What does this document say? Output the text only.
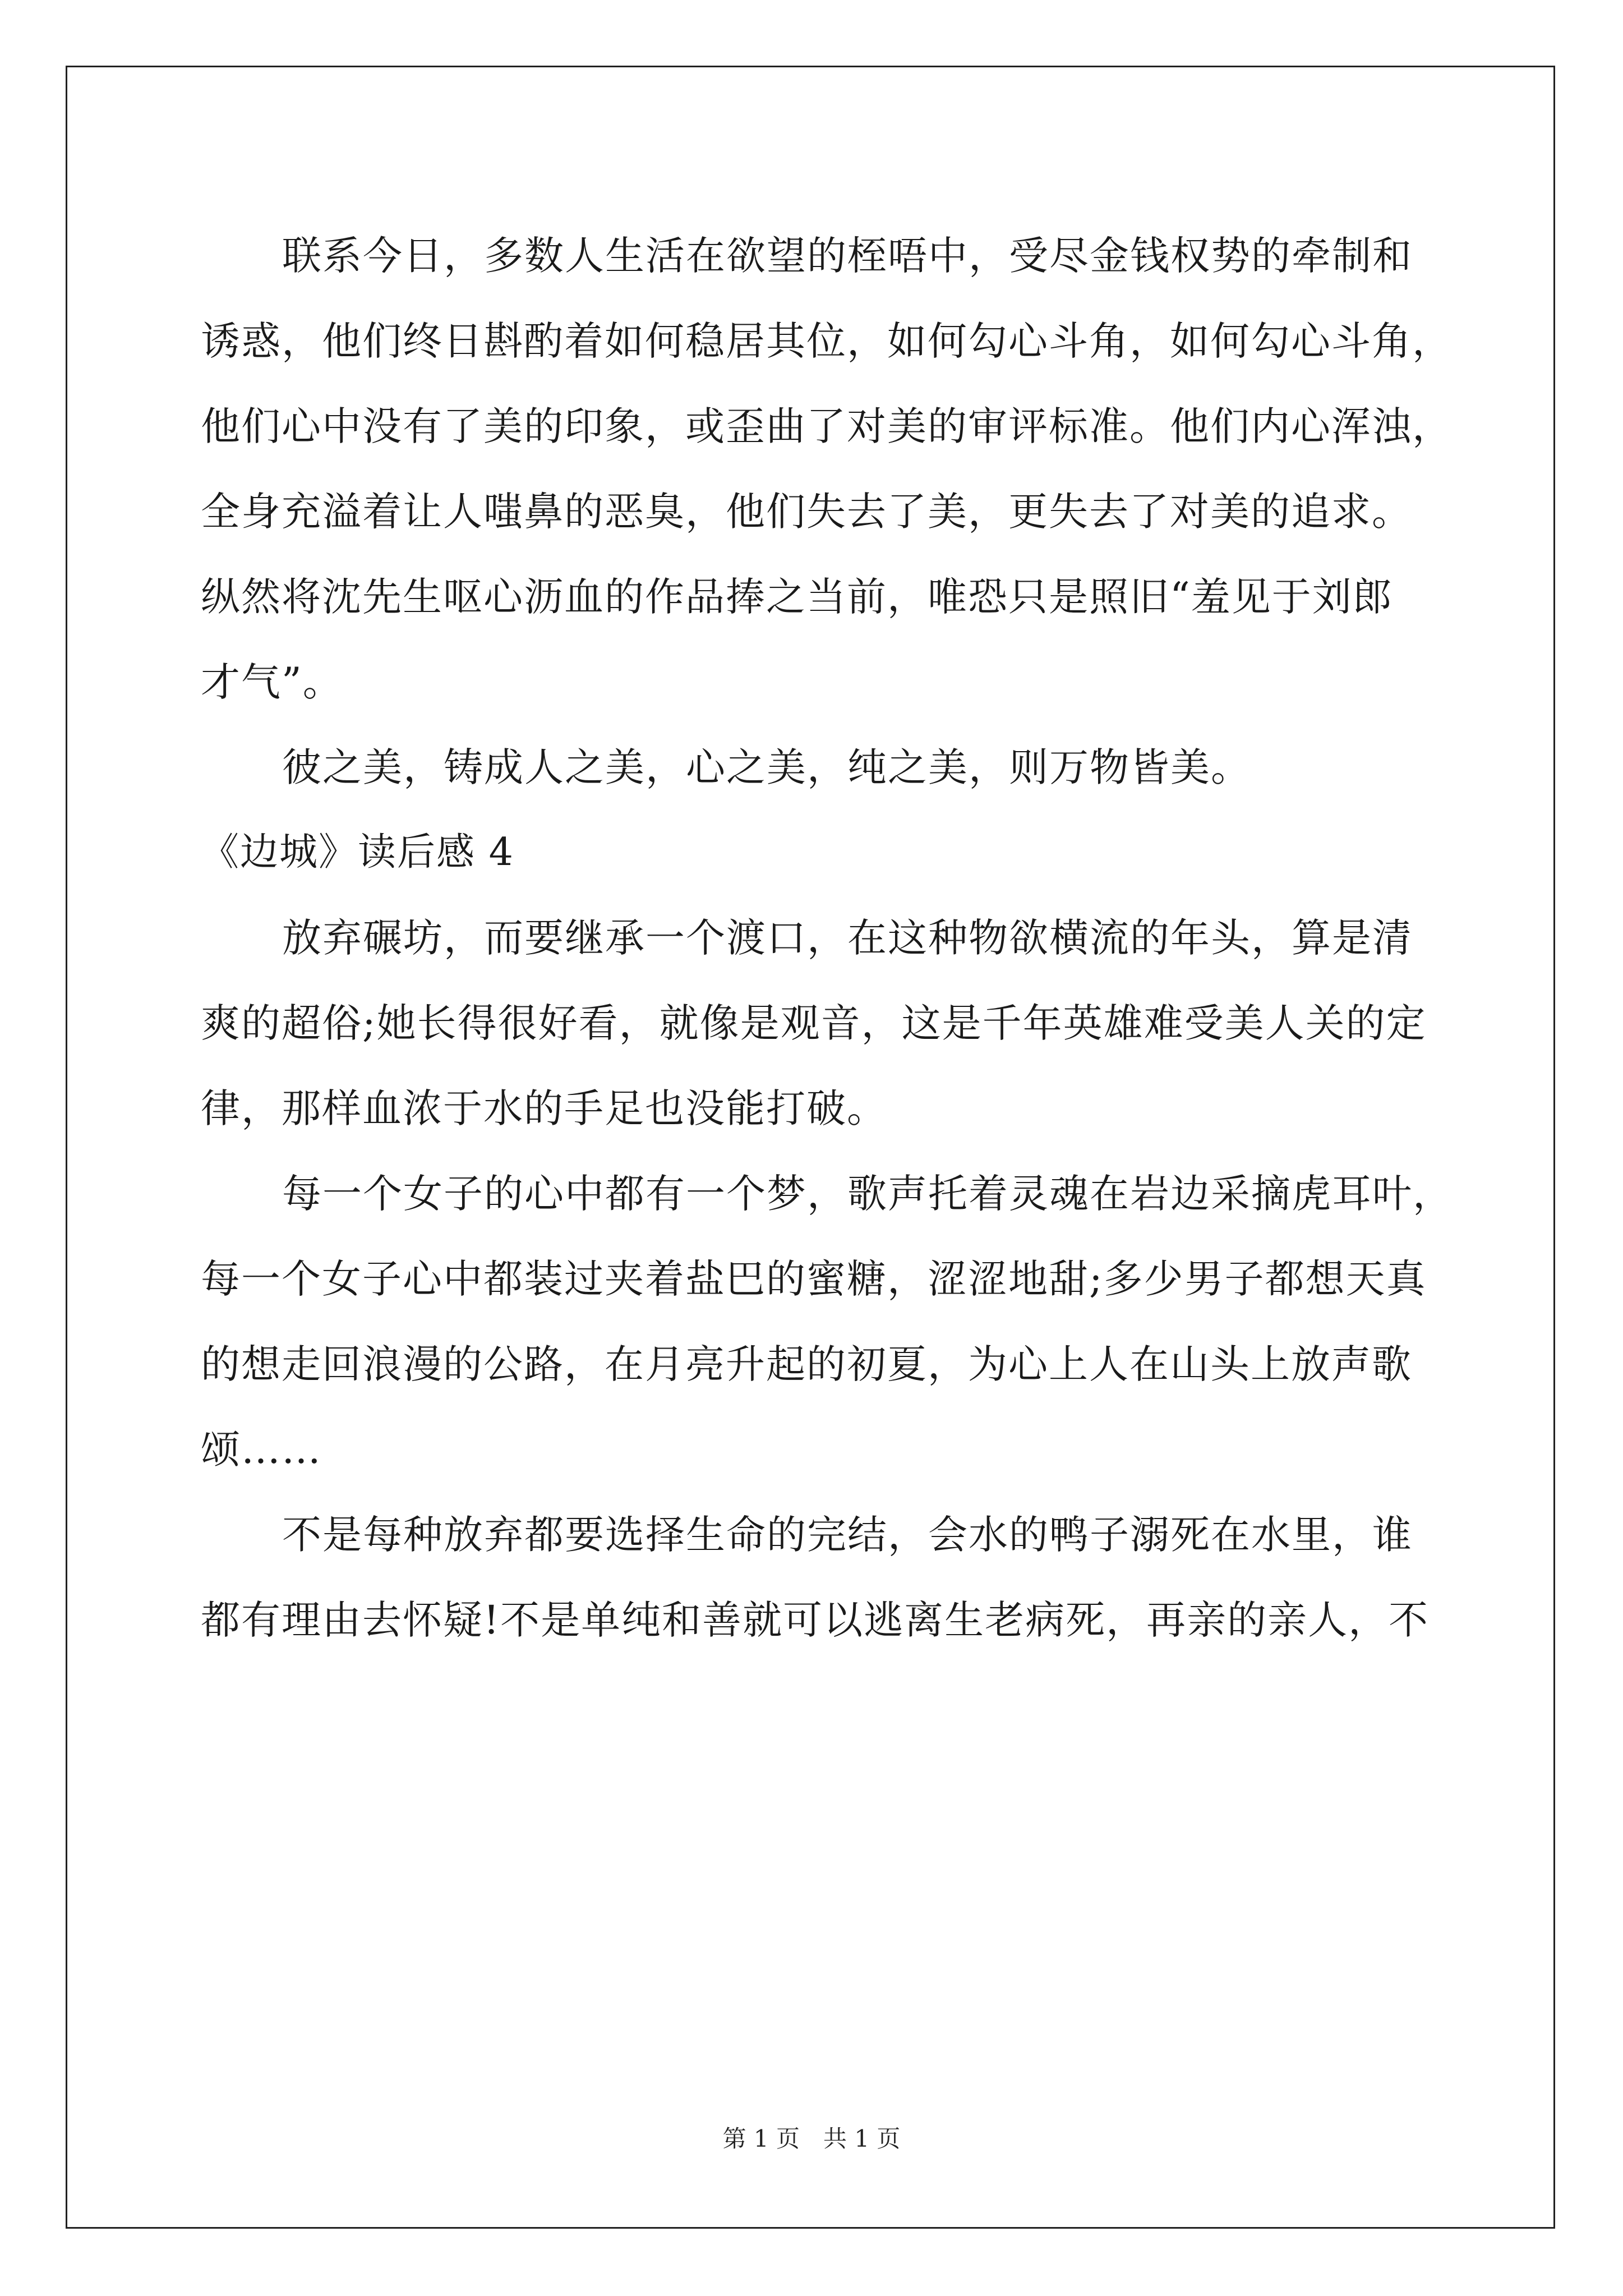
联系今日，多数人生活在欲望的桎唔中，受尽金钱权势的牵制和
诱惑，他们终日斟酌着如何稳居其位，如何勾心斗角，如何勾心斗角，
他们心中没有了美的印象，或歪曲了对美的审评标准。他们内心浑浊，
全身充溢着让人嗤鼻的恶臭，他们失去了美，更失去了对美的追求。
纵然将沈先生呕心沥血的作品捧之当前，唯恐只是照旧“羞见于刘郎
才气”。
彼之美，铸成人之美，心之美，纯之美，则万物皆美。
《边城》读后感 4
放弃碾坊，而要继承一个渡口，在这种物欲横流的年头，算是清
爽的超俗;她长得很好看，就像是观音，这是千年英雄难受美人关的定
律，那样血浓于水的手足也没能打破。
每一个女子的心中都有一个梦，歌声托着灵魂在岩边采摘虎耳叶，
每一个女子心中都装过夹着盐巴的蜜糖，涩涩地甜;多少男子都想天真
的想走回浪漫的公路，在月亮升起的初夏，为心上人在山头上放声歌
颂……
不是每种放弃都要选择生命的完结，会水的鸭子溺死在水里，谁
都有理由去怀疑!不是单纯和善就可以逃离生老病死，再亲的亲人，不
第 1 页 共 1 页
